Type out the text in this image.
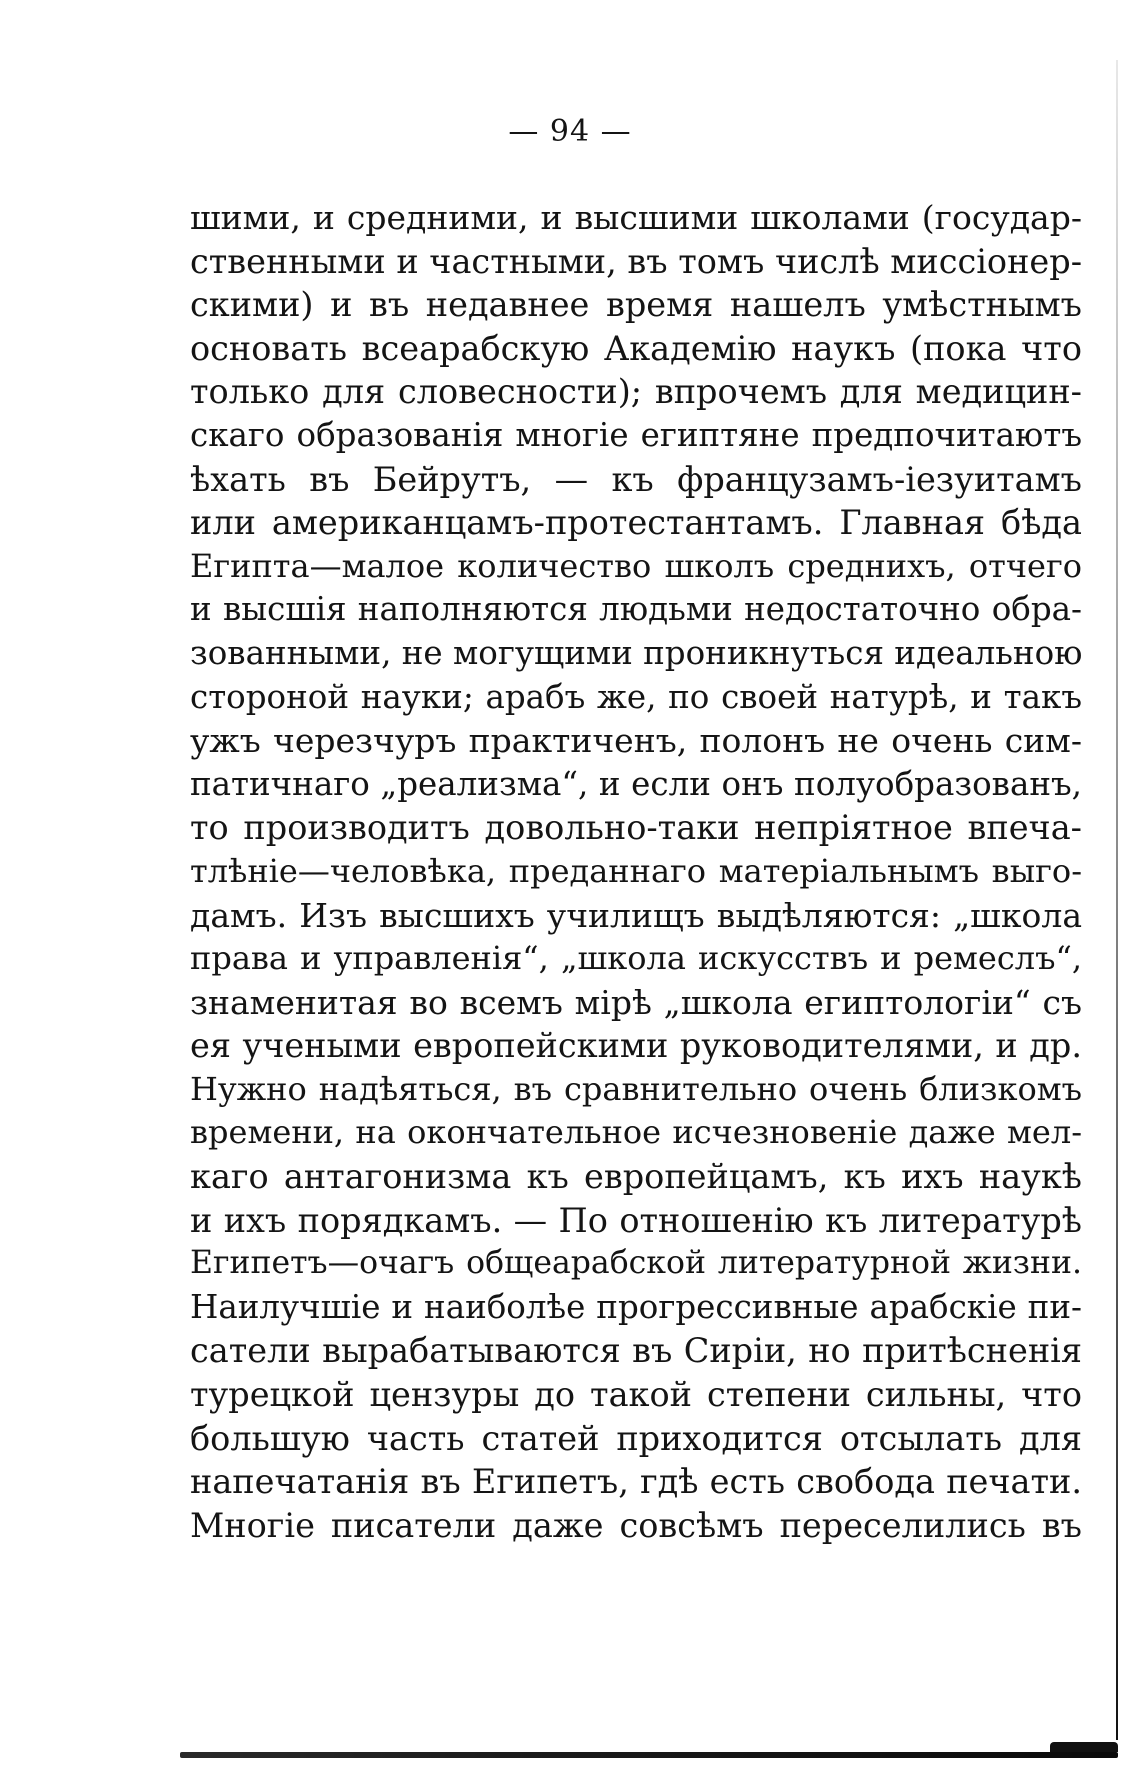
— 94 —
шими, и средними, и высшими школами (государ-
ственными и частными, въ томъ числѣ миссіонер-
скими) и въ недавнее время нашелъ умѣстнымъ
основать всеарабскую Академію наукъ (пока что
только для словесности); впрочемъ для медицин-
скаго образованія многіе египтяне предпочитаютъ
ѣхать въ Бейрутъ, — къ французамъ-іезуитамъ
или американцамъ-протестантамъ. Главная бѣда
Египта—малое количество школъ среднихъ, отчего
и высшія наполняются людьми недостаточно обра-
зованными, не могущими проникнуться идеальною
стороной науки; арабъ же, по своей натурѣ, и такъ
ужъ черезчуръ практиченъ, полонъ не очень сим-
патичнаго „реализма“, и если онъ полуобразованъ,
то производитъ довольно-таки непріятное впеча-
тлѣніе—человѣка, преданнаго матеріальнымъ выго-
дамъ. Изъ высшихъ училищъ выдѣляются: „школа
права и управленія“, „школа искусствъ и ремеслъ“,
знаменитая во всемъ мірѣ „школа египтологіи“ съ
ея учеными европейскими руководителями, и др.
Нужно надѣяться, въ сравнительно очень близкомъ
времени, на окончательное исчезновеніе даже мел-
каго антагонизма къ европейцамъ, къ ихъ наукѣ
и ихъ порядкамъ. — По отношенію къ литературѣ
Египетъ—очагъ общеарабской литературной жизни.
Наилучшіе и наиболѣе прогрессивные арабскіе пи-
сатели вырабатываются въ Сиріи, но притѣсненія
турецкой цензуры до такой степени сильны, что
большую часть статей приходится отсылать для
напечатанія въ Египетъ, гдѣ есть свобода печати.
Многіе писатели даже совсѣмъ переселились въ
